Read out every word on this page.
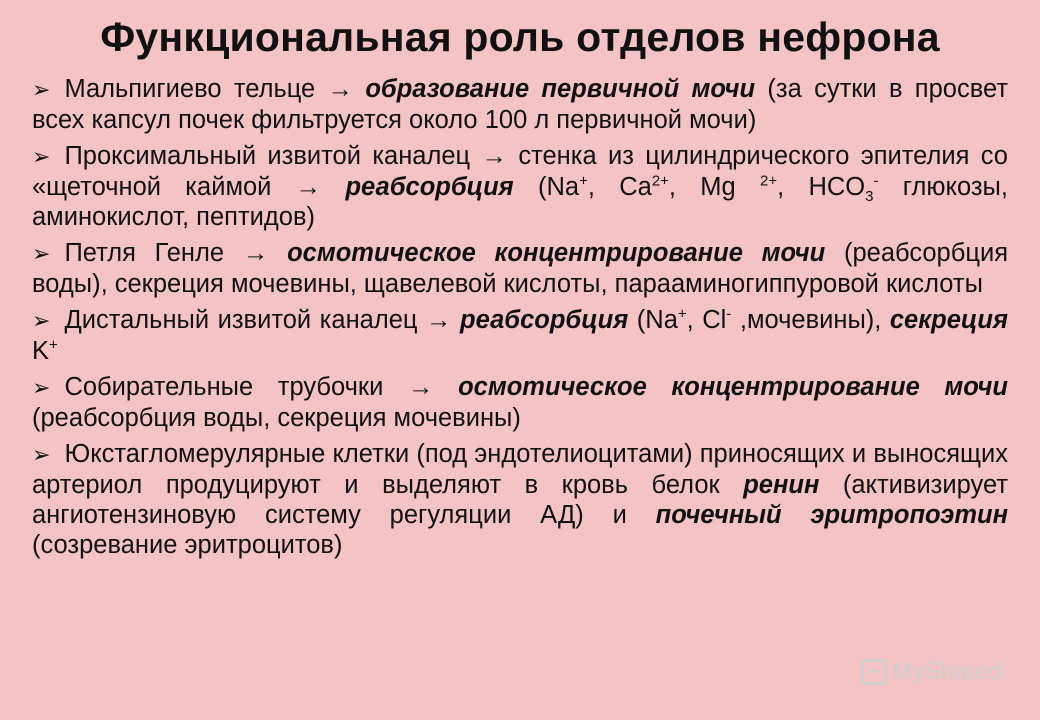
Функциональная роль отделов нефрона
➢ Мальпигиево тельце → образование первичной мочи (за сутки в просвет всех капсул почек фильтруется около 100 л первичной мочи)
➢ Проксимальный извитой каналец → стенка из цилиндрического эпителия со «щеточной каймой → реабсорбция (Na+, $Ca^{2+}$, Mg $^{2+}$, $HCO_3^-$ глюкозы, аминокислот, пептидов)
➢ Петля Генле → осмотическое концентрирование мочи (реабсорбция воды), секреция мочевины, щавелевой кислоты, парааминогиппуровой кислоты
➢ Дистальный извитой каналец → реабсорбция (Na+, Cl- ,мочевины), секреция K+
➢ Собирательные трубочки → осмотическое концентрирование мочи (реабсорбция воды, секреция мочевины)
➢ Юкстагломерулярные клетки (под эндотелиоцитами) приносящих и выносящих артериол продуцируют и выделяют в кровь белок ренин (активизирует ангиотензиновую систему регуляции АД) и почечный эритропоэтин (созревание эритроцитов)
MyShared
